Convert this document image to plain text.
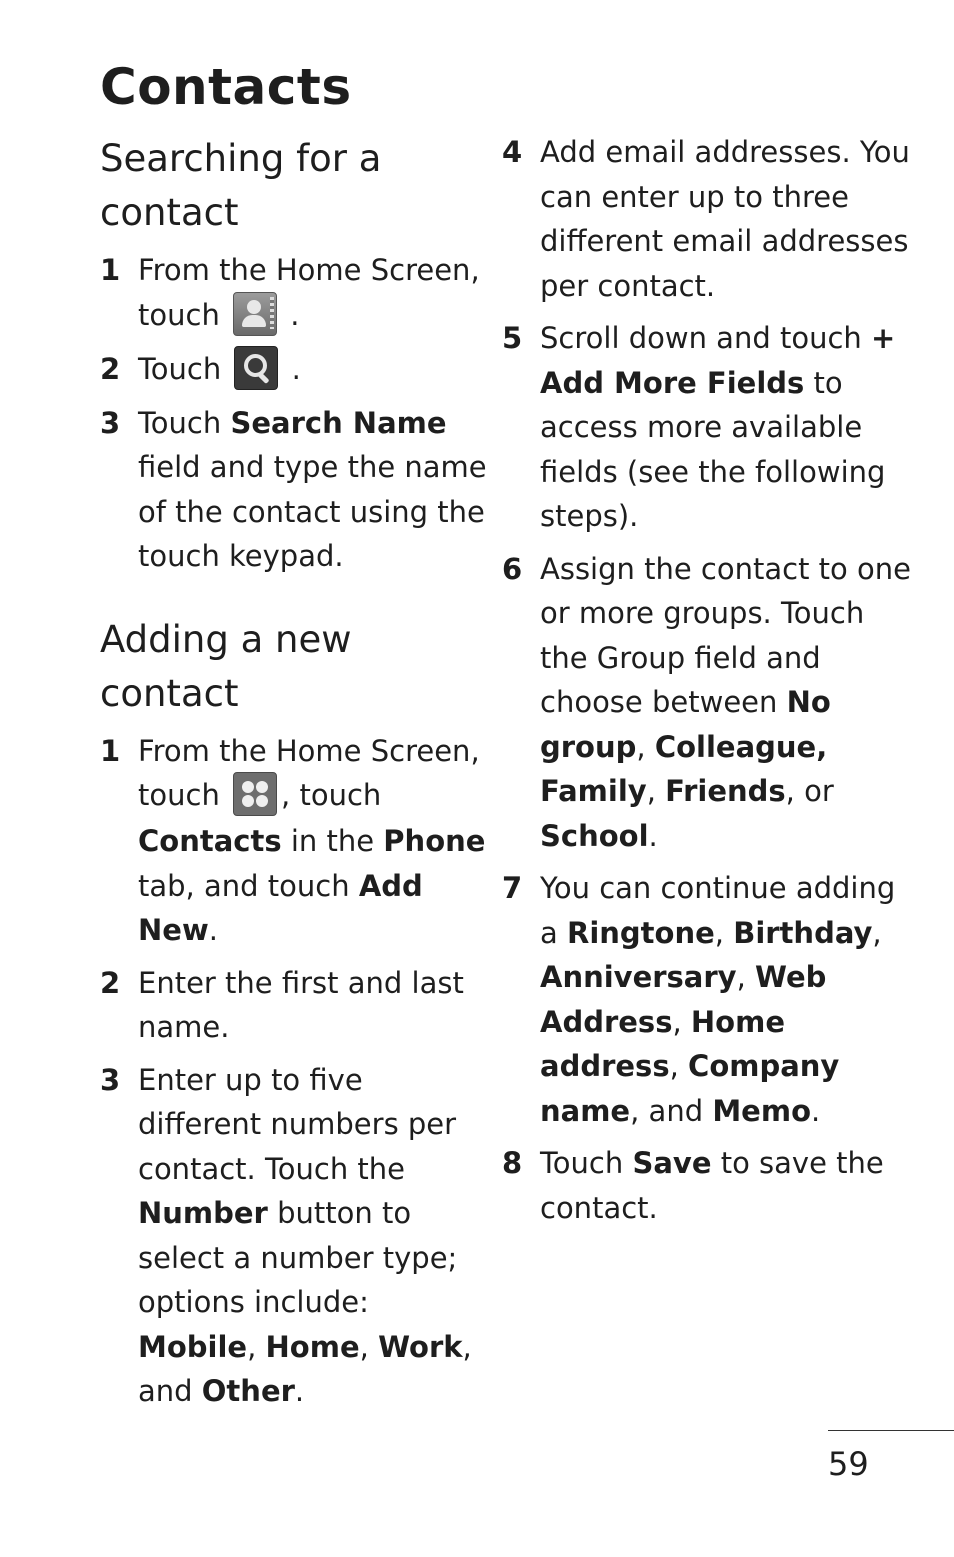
Contacts
Searching for a contact
1 From the Home Screen, touch .
2 Touch .
3 Touch Search Name field and type the name of the contact using the touch keypad.
Adding a new contact
1 From the Home Screen, touch , touch Contacts in the Phone tab, and touch Add New.
2 Enter the first and last name.
3 Enter up to five different numbers per contact. Touch the Number button to select a number type; options include: Mobile, Home, Work, and Other.
4 Add email addresses. You can enter up to three different email addresses per contact.
5 Scroll down and touch + Add More Fields to access more available fields (see the following steps).
6 Assign the contact to one or more groups. Touch the Group field and choose between No group, Colleague, Family, Friends, or School.
7 You can continue adding a Ringtone, Birthday, Anniversary, Web Address, Home address, Company name, and Memo.
8 Touch Save to save the contact.
59
